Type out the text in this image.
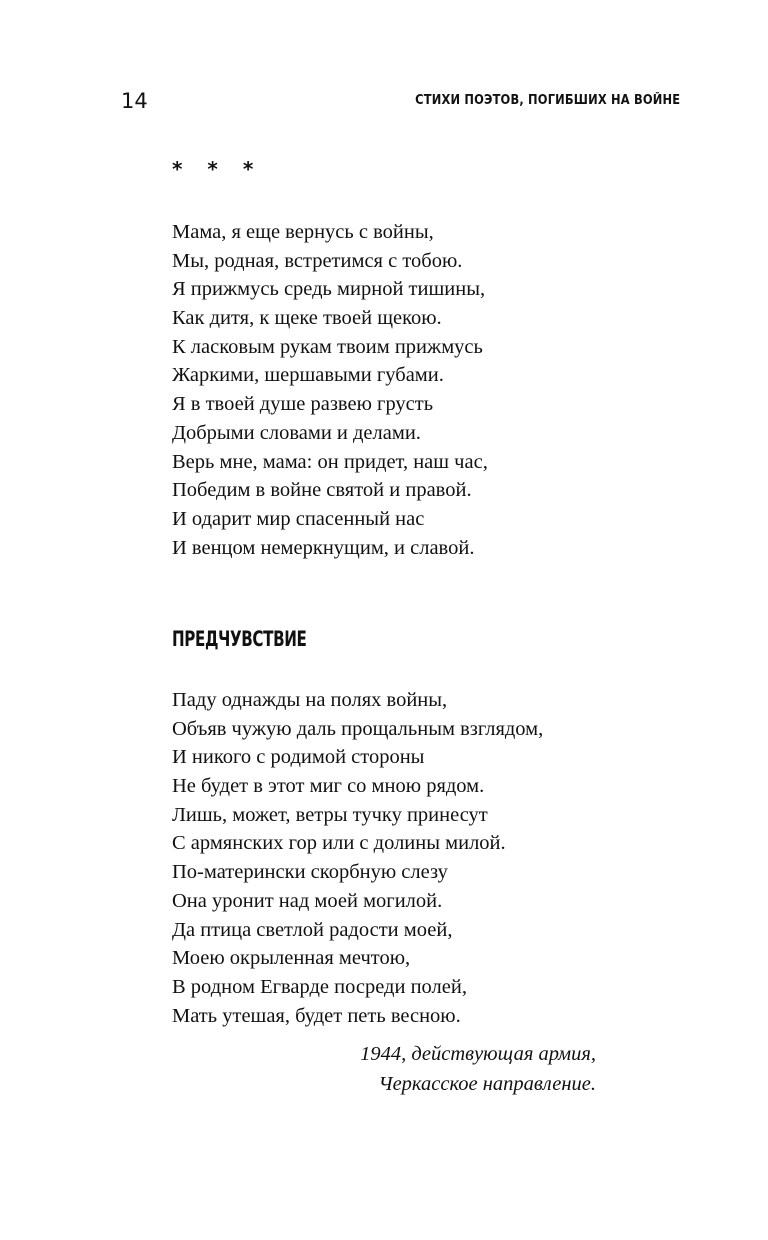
14	СТИХИ ПОЭТОВ, ПОГИБШИХ НА ВОЙНЕ
* * *
Мама, я еще вернусь с войны,
Мы, родная, встретимся с тобою.
Я прижмусь средь мирной тишины,
Как дитя, к щеке твоей щекою.
К ласковым рукам твоим прижмусь
Жаркими, шершавыми губами.
Я в твоей душе развею грусть
Добрыми словами и делами.
Верь мне, мама: он придет, наш час,
Победим в войне святой и правой.
И одарит мир спасенный нас
И венцом немеркнущим, и славой.
ПРЕДЧУВСТВИЕ
Паду однажды на полях войны,
Объяв чужую даль прощальным взглядом,
И никого с родимой стороны
Не будет в этот миг со мною рядом.
Лишь, может, ветры тучку принесут
С армянских гор или с долины милой.
По-матерински скорбную слезу
Она уронит над моей могилой.
Да птица светлой радости моей,
Моею окрыленная мечтою,
В родном Егварде посреди полей,
Мать утешая, будет петь весною.

1944, действующая армия,

Черкасское направление.
